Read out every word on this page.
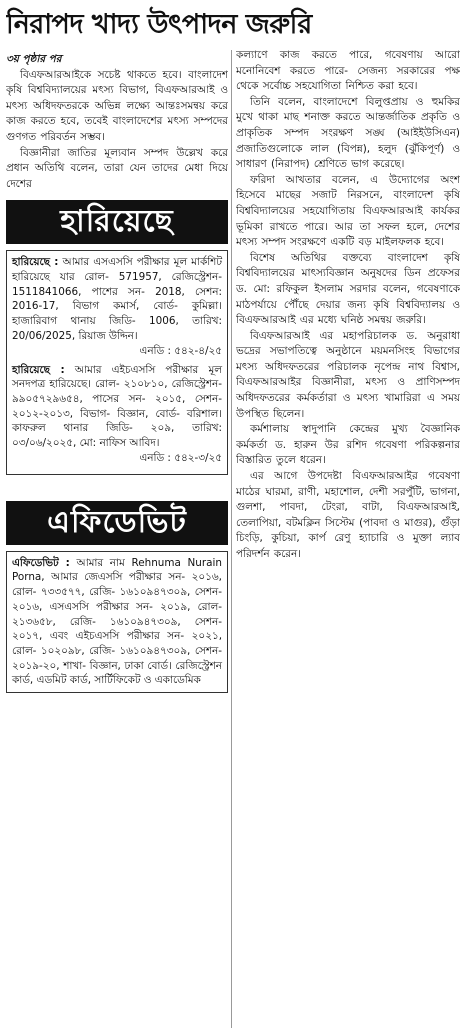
নিরাপদ খাদ্য উৎপাদন জরুরি

৩য় পৃষ্ঠার পর

বিএফআরআইকে সচেষ্ট থাকতে হবে। বাংলাদেশ কৃষি বিশ্ববিদ্যালয়ের মৎস্য বিভাগ, বিএফআরআই ও মৎস্য অধিদফতরকে অভিন্ন লক্ষ্যে আন্তঃসমন্বয় করে কাজ করতে হবে, তবেই বাংলাদেশের মৎস্য সম্পদের গুণগত পরিবর্তন সম্ভব।

বিজ্ঞানীরা জাতির মূল্যবান সম্পদ উল্লেখ করে প্রধান অতিথি বলেন, তারা যেন তাদের মেধা দিয়ে দেশের

হারিয়েছে

হারিয়েছে : আমার এসএসসি পরীক্ষার মূল মার্কশিট হারিয়েছে যার রোল- 571957, রেজিস্ট্রেশন- 1511841066, পাশের সন- 2018, সেশন: 2016-17, বিভাগ কমার্স, বোর্ড- কুমিল্লা। হাজারিবাগ থানায় জিডি- 1006, তারিখ: 20/06/2025, রিয়াজ উদ্দিন।

এনডি : ৫৪২-৪/২৫

হারিয়েছে : আমার এইচএসসি পরীক্ষার মূল সনদপত্র হারিয়েছে। রোল- ২১০৮১০, রেজিস্ট্রেশন- ৯৯০৫৭২৯৬৫৪, পাসের সন- ২০১৫, সেশন- ২০১২-২০১৩, বিভাগ- বিজ্ঞান, বোর্ড- বরিশাল। কাফরুল থানার জিডি- ২০৯, তারিখ: ০৩/০৬/২০২৫, মো: নাফিস আবিদ।

এনডি : ৫৪২-৩/২৫

এফিডেভিট

এফিডেভিট : আমার নাম Rehnuma Nurain Porna, আমার জেএসসি পরীক্ষার সন- ২০১৬, রোল- ৭৩৩৫৭৭, রেজি- ১৬১০৯৪৭৩০৯, সেশন- ২০১৬, এসএসসি পরীক্ষার সন- ২০১৯, রোল- ২১৩৬৫৮, রেজি- ১৬১০৯৪৭৩০৯, সেশন- ২০১৭, এবং এইচএসসি পরীক্ষার সন- ২০২১, রোল- ১০২০৯৮, রেজি- ১৬১০৯৪৭৩০৯, সেশন- ২০১৯-২০, শাখা- বিজ্ঞান, ঢাকা বোর্ড। রেজিস্ট্রেশন কার্ড, এডমিট কার্ড, সার্টিফিকেট ও একাডেমিক

কল্যাণে কাজ করতে পারে, গবেষণায় আরো মনোনিবেশ করতে পারে- সেজন্য সরকারের পক্ষ থেকে সর্বোচ্চ সহযোগিতা নিশ্চিত করা হবে।

তিনি বলেন, বাংলাদেশে বিলুপ্তপ্রায় ও হুমকির মুখে থাকা মাছ শনাক্ত করতে আন্তর্জাতিক প্রকৃতি ও প্রাকৃতিক সম্পদ সংরক্ষণ সঙ্ঘ (আইইউসিএন) প্রজাতিগুলোকে লাল (বিপন্ন), হলুদ (ঝুঁকিপূর্ণ) ও সাধারণ (নিরাপদ) শ্রেণিতে ভাগ করেছে।

ফরিদা আখতার বলেন, এ উদ্যোগের অংশ হিসেবে মাছের সজাট নিরসনে, বাংলাদেশ কৃষি বিশ্ববিদ্যালয়ের সহযোগিতায় বিএফআরআই কার্যকর ভূমিকা রাখতে পারে। আর তা সফল হলে, দেশের মৎস্য সম্পদ সংরক্ষণে একটি বড় মাইলফলক হবে।

বিশেষ অতিথির বক্তব্যে বাংলাদেশ কৃষি বিশ্ববিদ্যালয়ের মাৎস্যবিজ্ঞান অনুষদের ডিন প্রফেসর ড. মো: রফিকুল ইসলাম সরদার বলেন, গবেষণাকে মাঠপর্যায়ে পৌঁছে দেয়ার জন্য কৃষি বিশ্ববিদ্যালয় ও বিএফআরআই এর মধ্যে ঘনিষ্ঠ সমন্বয় জরুরি।

বিএফআরআই এর মহাপরিচালক ড. অনুরাধা ভদ্রের সভাপতিত্বে অনুষ্ঠানে ময়মনসিংহ বিভাগের মৎস্য অধিদফতরের পরিচালক নৃপেন্দ্র নাথ বিশ্বাস, বিএফআরআইর বিজ্ঞানীরা, মৎস্য ও প্রাণিসম্পদ অধিদফতরের কর্মকর্তারা ও মৎস্য খামারিরা এ সময় উপস্থিত ছিলেন।

কর্মশালায় স্বাদুপানি কেন্দ্রের মুখ্য বৈজ্ঞানিক কর্মকর্তা ড. হারুন উর রশিদ গবেষণা পরিকল্পনার বিস্তারিত তুলে ধরেন।

এর আগে উপদেষ্টা বিএফআরআইর গবেষণা মাঠের ঘারমা, রাণী, মহাশোল, দেশী সরপুঁটি, ভাগনা, গুলশা, পাবদা, টেংরা, বাটা, বিএফআরআই, তেলাপিয়া, বটমক্লিন সিস্টেম (পাবদা ও মাগুর), গুঁড়া চিংড়ি, কুচিয়া, কার্প রেণু হ্যাচারি ও মুক্তা ল্যাব পরিদর্শন করেন।
